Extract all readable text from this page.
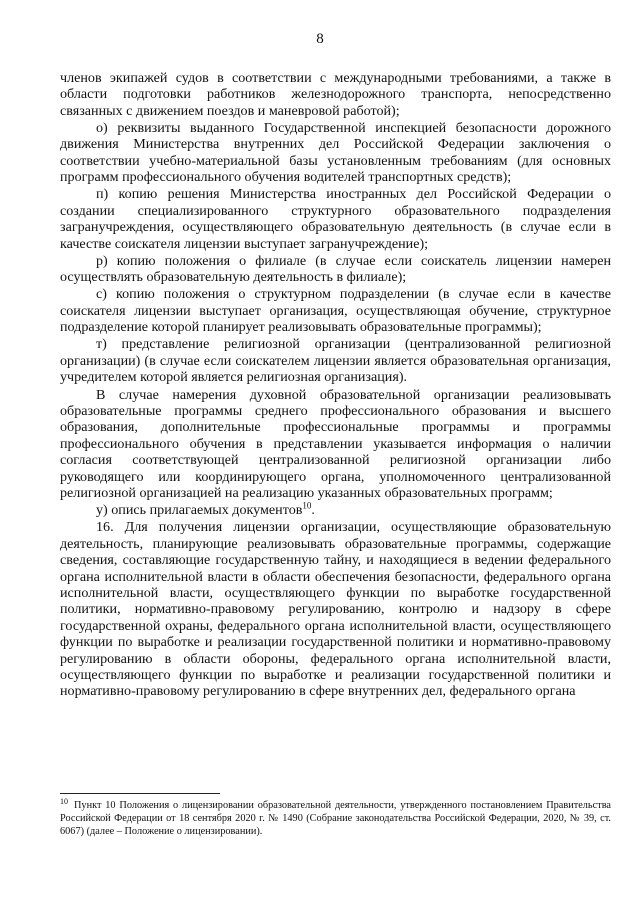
8

членов экипажей судов в соответствии с международными требованиями, а также в области подготовки работников железнодорожного транспорта, непосредственно связанных с движением поездов и маневровой работой);

о) реквизиты выданного Государственной инспекцией безопасности дорожного движения Министерства внутренних дел Российской Федерации заключения о соответствии учебно-материальной базы установленным требованиям (для основных программ профессионального обучения водителей транспортных средств);

п) копию решения Министерства иностранных дел Российской Федерации о создании специализированного структурного образовательного подразделения загранучреждения, осуществляющего образовательную деятельность (в случае если в качестве соискателя лицензии выступает загранучреждение);

р) копию положения о филиале (в случае если соискатель лицензии намерен осуществлять образовательную деятельность в филиале);

с) копию положения о структурном подразделении (в случае если в качестве соискателя лицензии выступает организация, осуществляющая обучение, структурное подразделение которой планирует реализовывать образовательные программы);

т) представление религиозной организации (централизованной религиозной организации) (в случае если соискателем лицензии является образовательная организация, учредителем которой является религиозная организация).

В случае намерения духовной образовательной организации реализовывать образовательные программы среднего профессионального образования и высшего образования, дополнительные профессиональные программы и программы профессионального обучения в представлении указывается информация о наличии согласия соответствующей централизованной религиозной организации либо руководящего или координирующего органа, уполномоченного централизованной религиозной организацией на реализацию указанных образовательных программ;

у) опись прилагаемых документов$^{10}$.

16. Для получения лицензии организации, осуществляющие образовательную деятельность, планирующие реализовывать образовательные программы, содержащие сведения, составляющие государственную тайну, и находящиеся в ведении федерального органа исполнительной власти в области обеспечения безопасности, федерального органа исполнительной власти, осуществляющего функции по выработке государственной политики, нормативно-правовому регулированию, контролю и надзору в сфере государственной охраны, федерального органа исполнительной власти, осуществляющего функции по выработке и реализации государственной политики и нормативно-правовому регулированию в области обороны, федерального органа исполнительной власти, осуществляющего функции по выработке и реализации государственной политики и нормативно-правовому регулированию в сфере внутренних дел, федерального органа

$^{10}$ Пункт 10 Положения о лицензировании образовательной деятельности, утвержденного постановлением Правительства Российской Федерации от 18 сентября 2020 г. № 1490 (Собрание законодательства Российской Федерации, 2020, № 39, ст. 6067) (далее – Положение о лицензировании).
